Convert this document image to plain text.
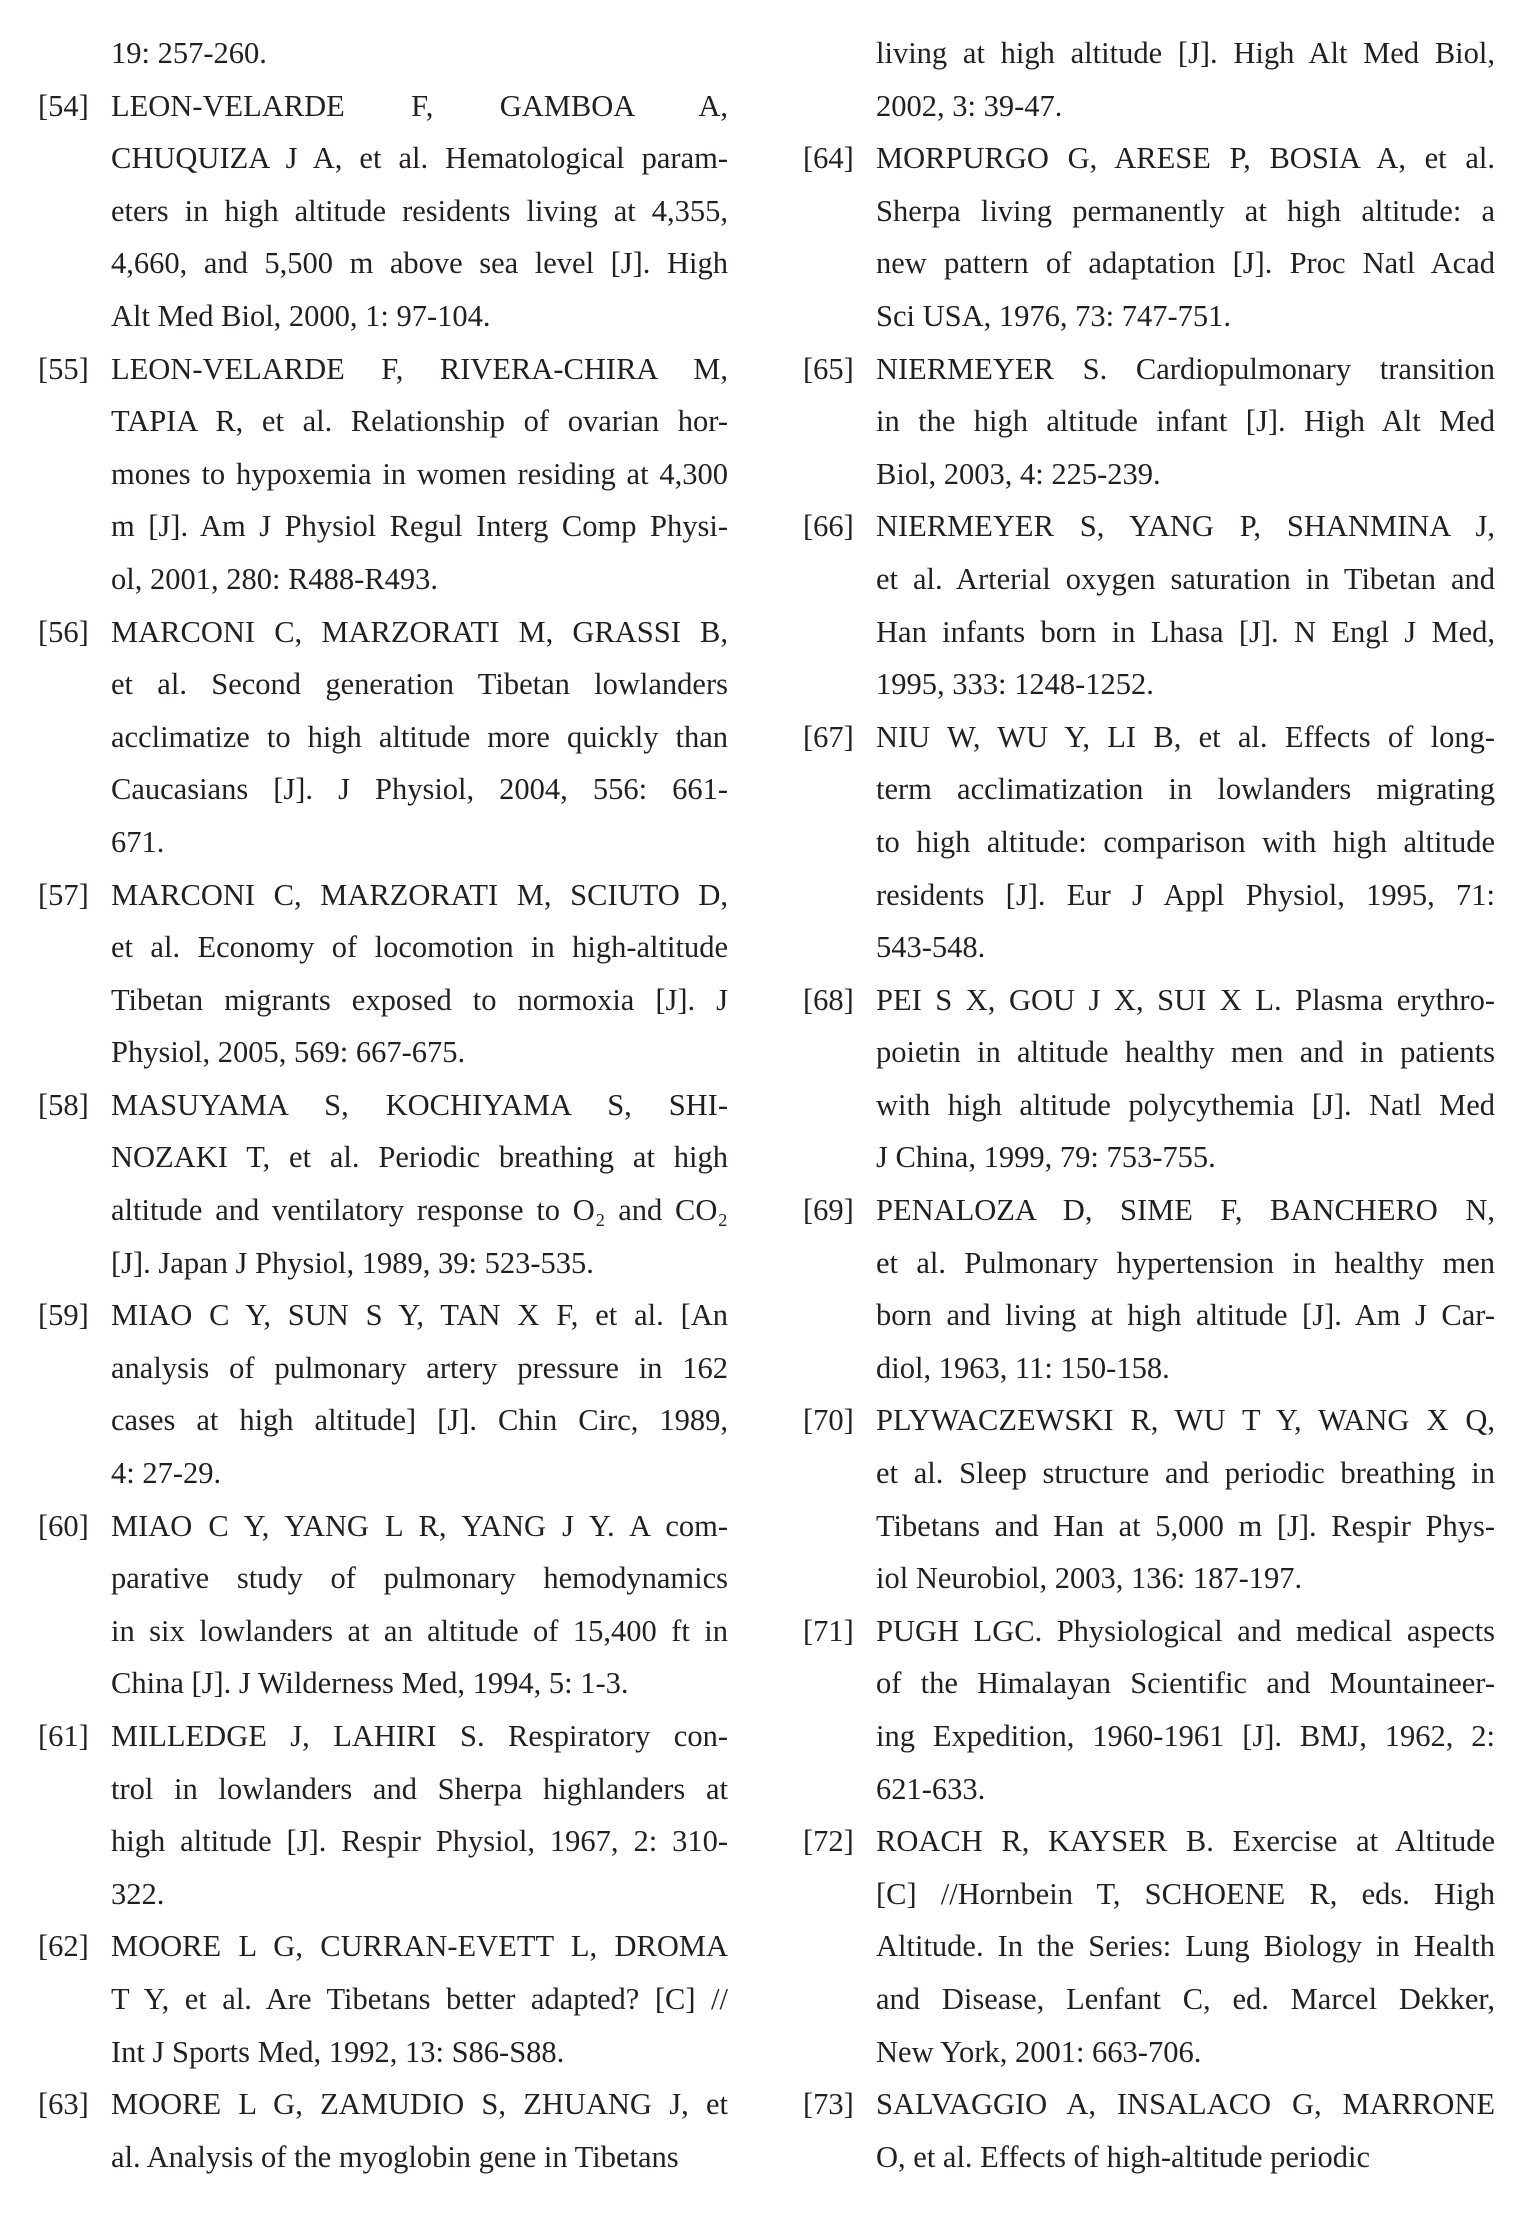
19: 257-260.
[54] LEON-VELARDE F, GAMBOA A,
CHUQUIZA J A, et al. Hematological param-
eters in high altitude residents living at 4,355,
4,660, and 5,500 m above sea level [J]. High
Alt Med Biol, 2000, 1: 97-104.
[55] LEON-VELARDE F, RIVERA-CHIRA M,
TAPIA R, et al. Relationship of ovarian hor-
mones to hypoxemia in women residing at 4,300
m [J]. Am J Physiol Regul Interg Comp Physi-
ol, 2001, 280: R488-R493.
[56] MARCONI C, MARZORATI M, GRASSI B,
et al. Second generation Tibetan lowlanders
acclimatize to high altitude more quickly than
Caucasians [J]. J Physiol, 2004, 556: 661-
671.
[57] MARCONI C, MARZORATI M, SCIUTO D,
et al. Economy of locomotion in high-altitude
Tibetan migrants exposed to normoxia [J]. J
Physiol, 2005, 569: 667-675.
[58] MASUYAMA S, KOCHIYAMA S, SHI-
NOZAKI T, et al. Periodic breathing at high
altitude and ventilatory response to O₂ and CO₂
[J]. Japan J Physiol, 1989, 39: 523-535.
[59] MIAO C Y, SUN S Y, TAN X F, et al. [An
analysis of pulmonary artery pressure in 162
cases at high altitude] [J]. Chin Circ, 1989,
4: 27-29.
[60] MIAO C Y, YANG L R, YANG J Y. A com-
parative study of pulmonary hemodynamics
in six lowlanders at an altitude of 15,400 ft in
China [J]. J Wilderness Med, 1994, 5: 1-3.
[61] MILLEDGE J, LAHIRI S. Respiratory con-
trol in lowlanders and Sherpa highlanders at
high altitude [J]. Respir Physiol, 1967, 2: 310-
322.
[62] MOORE L G, CURRAN-EVETT L, DROMA
T Y, et al. Are Tibetans better adapted? [C] //
Int J Sports Med, 1992, 13: S86-S88.
[63] MOORE L G, ZAMUDIO S, ZHUANG J, et
al. Analysis of the myoglobin gene in Tibetans
living at high altitude [J]. High Alt Med Biol,
2002, 3: 39-47.
[64] MORPURGO G, ARESE P, BOSIA A, et al.
Sherpa living permanently at high altitude: a
new pattern of adaptation [J]. Proc Natl Acad
Sci USA, 1976, 73: 747-751.
[65] NIERMEYER S. Cardiopulmonary transition
in the high altitude infant [J]. High Alt Med
Biol, 2003, 4: 225-239.
[66] NIERMEYER S, YANG P, SHANMINA J,
et al. Arterial oxygen saturation in Tibetan and
Han infants born in Lhasa [J]. N Engl J Med,
1995, 333: 1248-1252.
[67] NIU W, WU Y, LI B, et al. Effects of long-
term acclimatization in lowlanders migrating
to high altitude: comparison with high altitude
residents [J]. Eur J Appl Physiol, 1995, 71:
543-548.
[68] PEI S X, GOU J X, SUI X L. Plasma erythro-
poietin in altitude healthy men and in patients
with high altitude polycythemia [J]. Natl Med
J China, 1999, 79: 753-755.
[69] PENALOZA D, SIME F, BANCHERO N,
et al. Pulmonary hypertension in healthy men
born and living at high altitude [J]. Am J Car-
diol, 1963, 11: 150-158.
[70] PLYWACZEWSKI R, WU T Y, WANG X Q,
et al. Sleep structure and periodic breathing in
Tibetans and Han at 5,000 m [J]. Respir Phys-
iol Neurobiol, 2003, 136: 187-197.
[71] PUGH LGC. Physiological and medical aspects
of the Himalayan Scientific and Mountaineer-
ing Expedition, 1960-1961 [J]. BMJ, 1962, 2:
621-633.
[72] ROACH R, KAYSER B. Exercise at Altitude
[C] //Hornbein T, SCHOENE R, eds. High
Altitude. In the Series: Lung Biology in Health
and Disease, Lenfant C, ed. Marcel Dekker,
New York, 2001: 663-706.
[73] SALVAGGIO A, INSALACO G, MARRONE
O, et al. Effects of high-altitude periodic
